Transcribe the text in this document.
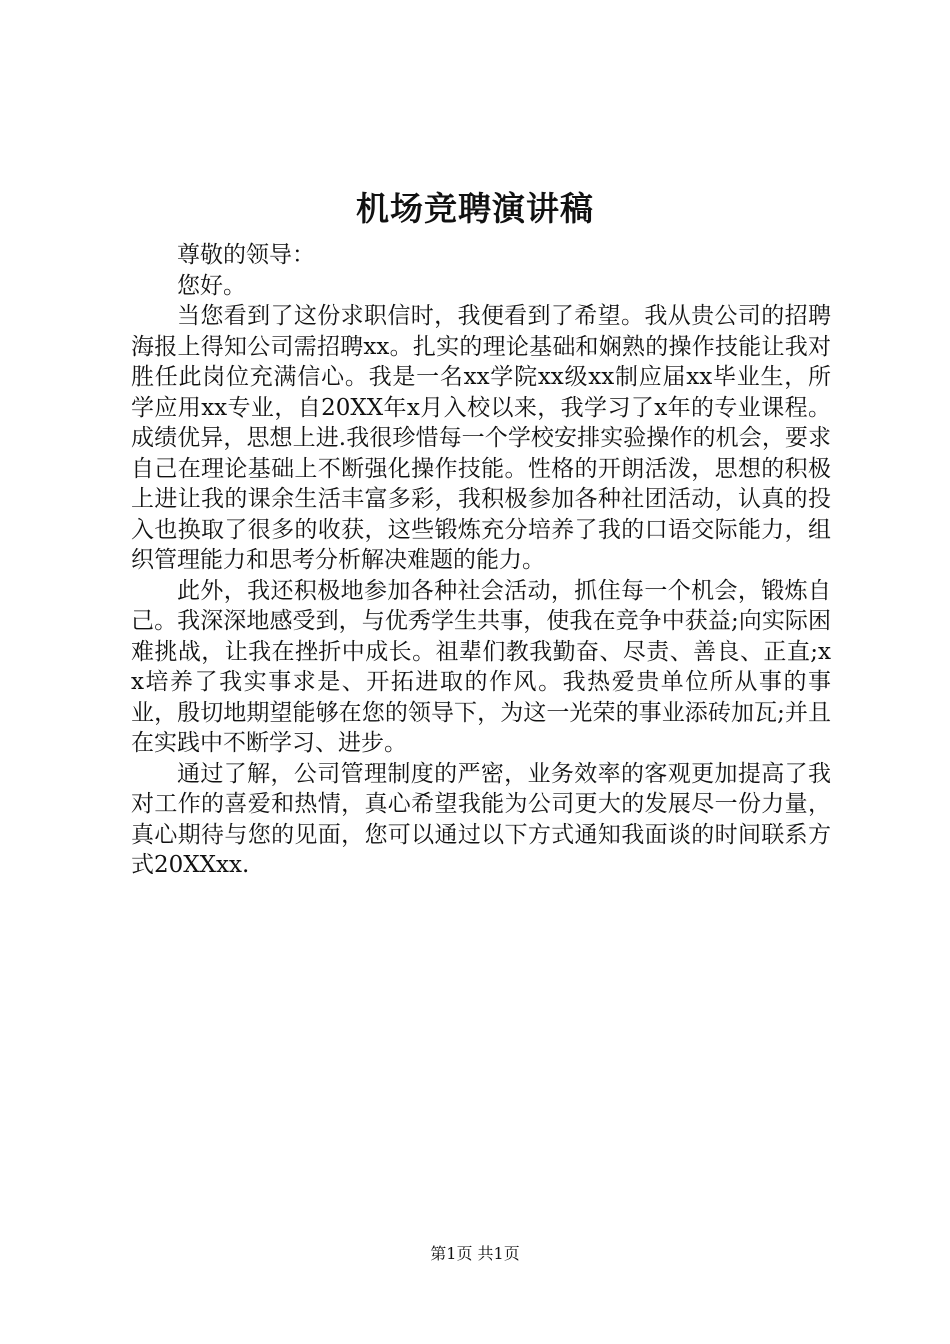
机场竞聘演讲稿

尊敬的领导：

您好。

当您看到了这份求职信时，我便看到了希望。我从贵公司的招聘海报上得知公司需招聘xx。扎实的理论基础和娴熟的操作技能让我对胜任此岗位充满信心。我是一名xx学院xx级xx制应届xx毕业生，所学应用xx专业，自20XX年x月入校以来，我学习了x年的专业课程。成绩优异，思想上进.我很珍惜每一个学校安排实验操作的机会，要求自己在理论基础上不断强化操作技能。性格的开朗活泼，思想的积极上进让我的课余生活丰富多彩，我积极参加各种社团活动，认真的投入也换取了很多的收获，这些锻炼充分培养了我的口语交际能力，组织管理能力和思考分析解决难题的能力。

此外，我还积极地参加各种社会活动，抓住每一个机会，锻炼自己。我深深地感受到，与优秀学生共事，使我在竞争中获益;向实际困难挑战，让我在挫折中成长。祖辈们教我勤奋、尽责、善良、正直;xx培养了我实事求是、开拓进取的作风。我热爱贵单位所从事的事业，殷切地期望能够在您的领导下，为这一光荣的事业添砖加瓦;并且在实践中不断学习、进步。

通过了解，公司管理制度的严密，业务效率的客观更加提高了我对工作的喜爱和热情，真心希望我能为公司更大的发展尽一份力量，真心期待与您的见面，您可以通过以下方式通知我面谈的时间联系方式20XXxx.

第1页 共1页
